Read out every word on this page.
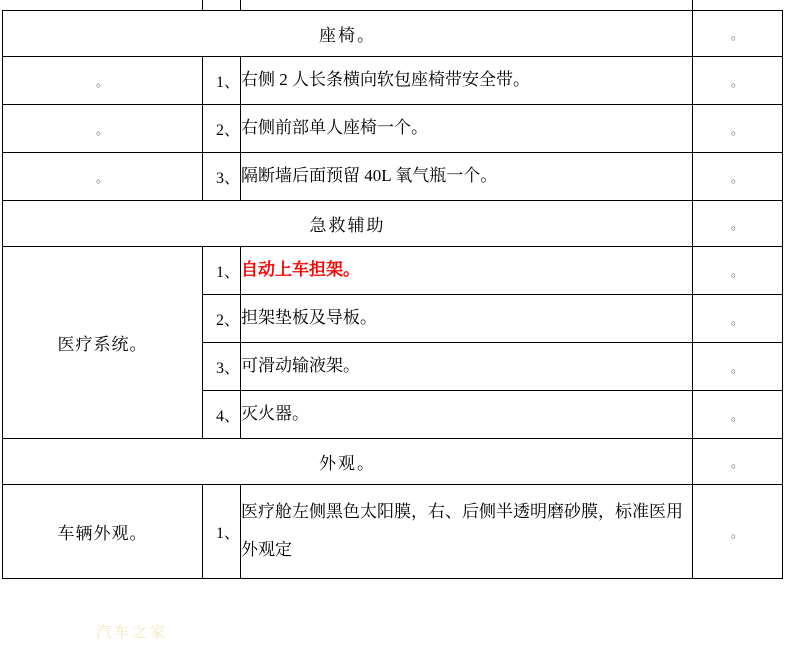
座椅。			。
。	1、	右侧 2 人长条横向软包座椅带安全带。	。
。	2、	右侧前部单人座椅一个。	。
。	3、	隔断墙后面预留 40L 氧气瓶一个。	。
急救辅助			。
医疗系统。	1、	自动上车担架。	。
	2、	担架垫板及导板。	。
	3、	可滑动输液架。	。
	4、	灭火器。	。
外观。			。
车辆外观。	1、	医疗舱左侧黑色太阳膜，右、后侧半透明磨砂膜，标准医用外观定	。
汽车之家
